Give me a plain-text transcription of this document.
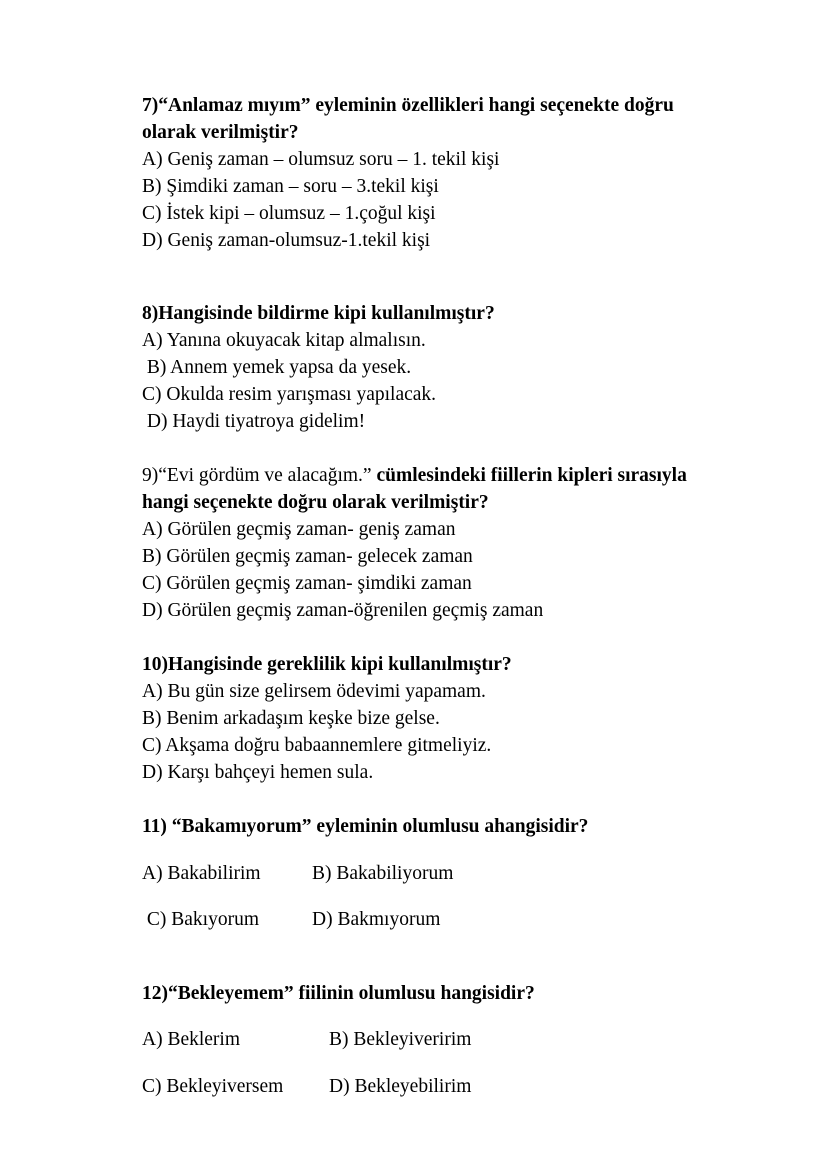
7)“Anlamaz mıyım” eyleminin özellikleri hangi seçenekte doğru olarak verilmiştir?

A) Geniş zaman – olumsuz soru – 1. tekil kişi

B) Şimdiki zaman – soru – 3.tekil kişi

C) İstek kipi – olumsuz – 1.çoğul kişi

D) Geniş zaman-olumsuz-1.tekil kişi

8)Hangisinde bildirme kipi kullanılmıştır?

A) Yanına okuyacak kitap almalısın.

B) Annem yemek yapsa da yesek.

C) Okulda resim yarışması yapılacak.

D) Haydi tiyatroya gidelim!

9)“Evi gördüm ve alacağım.” cümlesindeki fiillerin kipleri sırasıyla hangi seçenekte doğru olarak verilmiştir?

A) Görülen geçmiş zaman- geniş zaman

B) Görülen geçmiş zaman- gelecek zaman

C) Görülen geçmiş zaman- şimdiki zaman

D) Görülen geçmiş zaman-öğrenilen geçmiş zaman

10)Hangisinde gereklilik kipi kullanılmıştır?

A) Bu gün size gelirsem ödevimi yapamam.

B) Benim arkadaşım keşke bize gelse.

C) Akşama doğru babaannemlere gitmeliyiz.

D) Karşı bahçeyi hemen sula.

11) “Bakamıyorum” eyleminin olumlusu ahangisidir?

A) Bakabilirim	B) Bakabiliyorum

C) Bakıyorum	D) Bakmıyorum

12)“Bekleyemem” fiilinin olumlusu hangisidir?

A) Beklerim	B) Bekleyiveririm

C) Bekleyiversem D) Bekleyebilirim
